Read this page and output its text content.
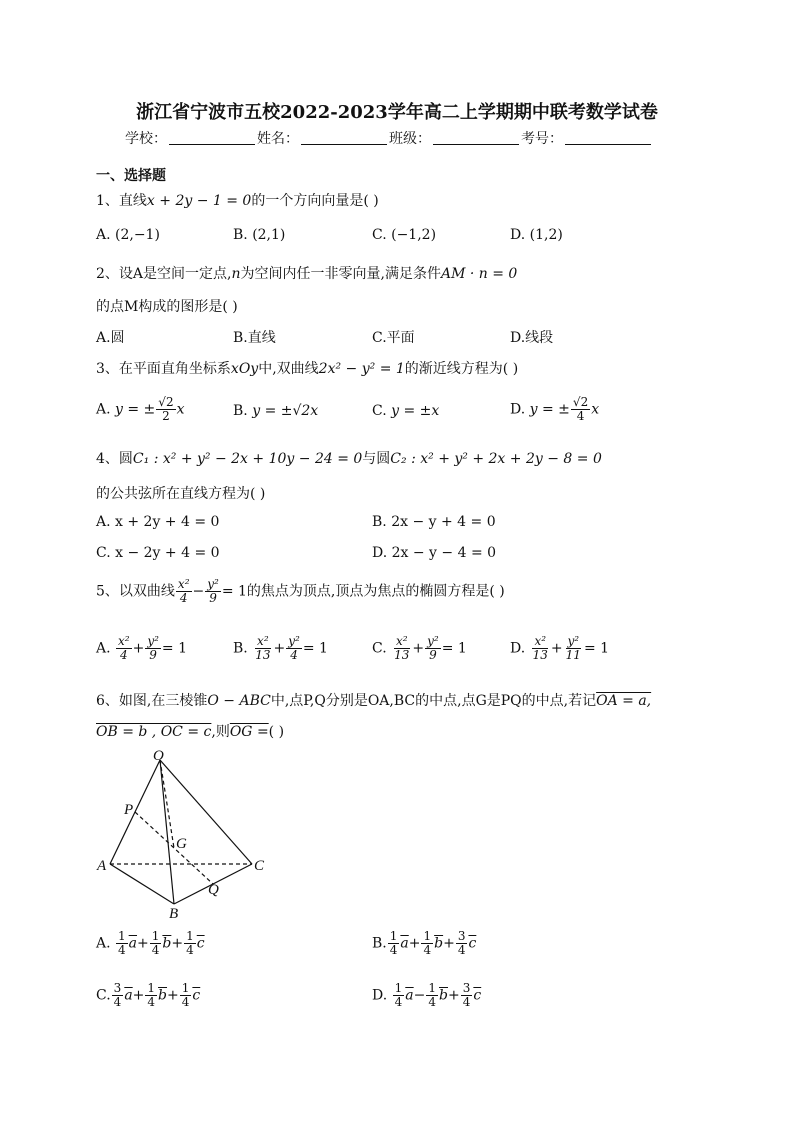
浙江省宁波市五校2022-2023学年高二上学期期中联考数学试卷
学校：	姓名：	班级：	考号：
一、选择题
1、直线x + 2y − 1 = 0的一个方向向量是( )
A. (2,−1)	B. (2,1)	C. (−1,2)	D. (1,2)
2、设A是空间一定点,n为空间内任一非零向量,满足条件AM · n = 0
的点M构成的图形是( )
A.圆	B.直线	C.平面	D.线段
3、在平面直角坐标系xOy中,双曲线2x² − y² = 1的渐近线方程为( )
A. y = ± $\frac{√2}{2}$ x	B. y = ±√2x	C. y = ±x	D. y = ± $\frac{√2}{4}$ x
4、圆C₁ : x² + y² − 2x + 10y − 24 = 0与圆C₂ : x² + y² + 2x + 2y − 8 = 0
的公共弦所在直线方程为( )
A. x + 2y + 4 = 0	B. 2x − y + 4 = 0
C. x − 2y + 4 = 0	D. 2x − y − 4 = 0
5、以双曲线 $\frac{\text{x²}}{4} - \frac{\text{y²}}{9} = 1$的焦点为顶点,顶点为焦点的椭圆方程是( )
A. $\frac{\text{x²}}{4} + \frac{\text{y²}}{9} = 1$	B. $\frac{\text{x²}}{13} + \frac{\text{y²}}{4} = 1$	C. $\frac{\text{x²}}{13} + \frac{\text{y²}}{9} = 1$	D. $\frac{\text{x²}}{13} + \frac{\text{y²}}{11} = 1$
6、如图,在三棱锥O − ABC中,点P,Q分别是OA,BC的中点,点G是PQ的中点,若记OA = a,
OB = b , OC = c,则OG =( )
O
P
G
A	C
Q
B
A. $\frac{1}{4} \overline{a}+ \frac{1}{4} \overline{b}+ \frac{1}{4} \overline{c}$	B. $\frac{1}{4} \overline{a}+ \frac{1}{4} \overline{b}+ \frac{3}{4} \overline{c}$
C. $\frac{3}{4} \overline{a}+ \frac{1}{4} \overline{b}+ \frac{1}{4} \overline{c}$	D. $\frac{1}{4} \overline{a}- \frac{1}{4} \overline{b}+ \frac{3}{4} \overline{c}$
